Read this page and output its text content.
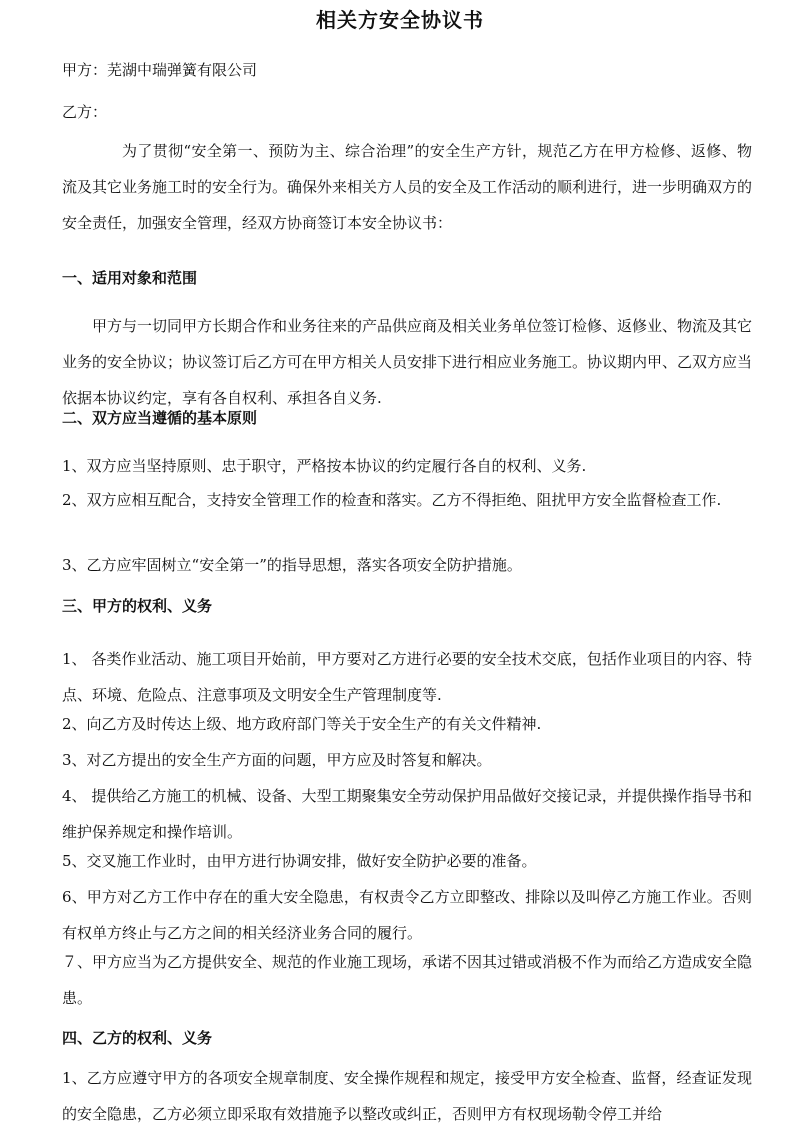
相关方安全协议书
甲方：芜湖中瑞弹簧有限公司
乙方：
为了贯彻“安全第一、预防为主、综合治理”的安全生产方针，规范乙方在甲方检修、返修、物流及其它业务施工时的安全行为。确保外来相关方人员的安全及工作活动的顺利进行，进一步明确双方的安全责任，加强安全管理，经双方协商签订本安全协议书：
一、适用对象和范围
甲方与一切同甲方长期合作和业务往来的产品供应商及相关业务单位签订检修、返修业、物流及其它业务的安全协议；协议签订后乙方可在甲方相关人员安排下进行相应业务施工。协议期内甲、乙双方应当依据本协议约定，享有各自权利、承担各自义务.
二、双方应当遵循的基本原则
1、双方应当坚持原则、忠于职守，严格按本协议的约定履行各自的权利、义务.
2、双方应相互配合，支持安全管理工作的检查和落实。乙方不得拒绝、阻扰甲方安全监督检查工作.
3、乙方应牢固树立“安全第一”的指导思想，落实各项安全防护措施。
三、甲方的权利、义务
1、 各类作业活动、施工项目开始前，甲方要对乙方进行必要的安全技术交底，包括作业项目的内容、特点、环境、危险点、注意事项及文明安全生产管理制度等.
2、向乙方及时传达上级、地方政府部门等关于安全生产的有关文件精神.
3、对乙方提出的安全生产方面的问题，甲方应及时答复和解决。
4、 提供给乙方施工的机械、设备、大型工期聚集安全劳动保护用品做好交接记录，并提供操作指导书和维护保养规定和操作培训。
5、交叉施工作业时，由甲方进行协调安排，做好安全防护必要的准备。
6、甲方对乙方工作中存在的重大安全隐患，有权责令乙方立即整改、排除以及叫停乙方施工作业。否则有权单方终止与乙方之间的相关经济业务合同的履行。
７、甲方应当为乙方提供安全、规范的作业施工现场，承诺不因其过错或消极不作为而给乙方造成安全隐患。
四、乙方的权利、义务
1、乙方应遵守甲方的各项安全规章制度、安全操作规程和规定，接受甲方安全检查、监督，经查证发现的安全隐患，乙方必须立即采取有效措施予以整改或纠正，否则甲方有权现场勒令停工并给
